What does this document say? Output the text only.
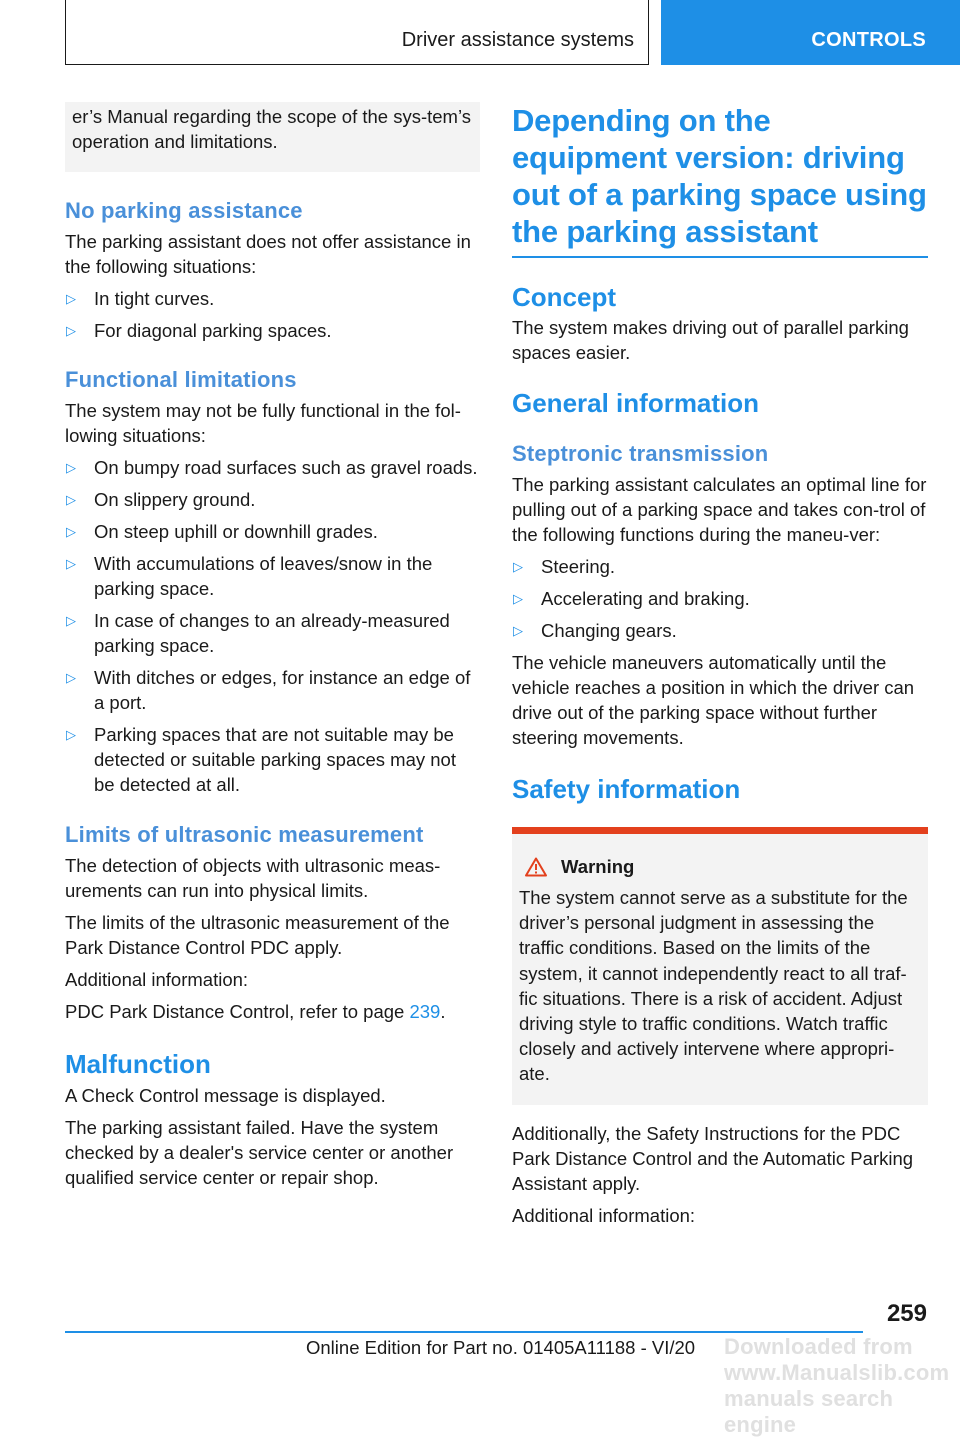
Driver assistance systems	CONTROLS

er’s Manual regarding the scope of the sys-tem’s operation and limitations.

No parking assistance

The parking assistant does not offer assistance in the following situations:

▷ In tight curves.
▷ For diagonal parking spaces.
Functional limitations

The system may not be fully functional in the fol-lowing situations:

▷ On bumpy road surfaces such as gravel roads.
▷ On slippery ground.
▷ On steep uphill or downhill grades.
▷ With accumulations of leaves/snow in the parking space.
▷ In case of changes to an already-measured parking space.
▷ With ditches or edges, for instance an edge of a port.
▷ Parking spaces that are not suitable may be detected or suitable parking spaces may not be detected at all.
Limits of ultrasonic measurement

The detection of objects with ultrasonic meas-urements can run into physical limits.

The limits of the ultrasonic measurement of the Park Distance Control PDC apply.

Additional information:

PDC Park Distance Control, refer to page 239.

Malfunction

A Check Control message is displayed.

The parking assistant failed. Have the system checked by a dealer's service center or another qualified service center or repair shop.

Depending on the equipment version: driving out of a parking space using the parking assistant
Concept

The system makes driving out of parallel parking spaces easier.

General information
Steptronic transmission

The parking assistant calculates an optimal line for pulling out of a parking space and takes con-trol of the following functions during the maneu-ver:

▷ Steering.
▷ Accelerating and braking.
▷ Changing gears.

The vehicle maneuvers automatically until the vehicle reaches a position in which the driver can drive out of the parking space without further steering movements.

Safety information
Warning

The system cannot serve as a substitute for the driver’s personal judgment in assessing the traffic conditions. Based on the limits of the system, it cannot independently react to all traf-fic situations. There is a risk of accident. Adjust driving style to traffic conditions. Watch traffic closely and actively intervene where appropri-ate.

Additionally, the Safety Instructions for the PDC Park Distance Control and the Automatic Parking Assistant apply.

Additional information:

259
Downloaded from www.Manualslib.com manuals search engine
Online Edition for Part no. 01405A11188 - VI/20
